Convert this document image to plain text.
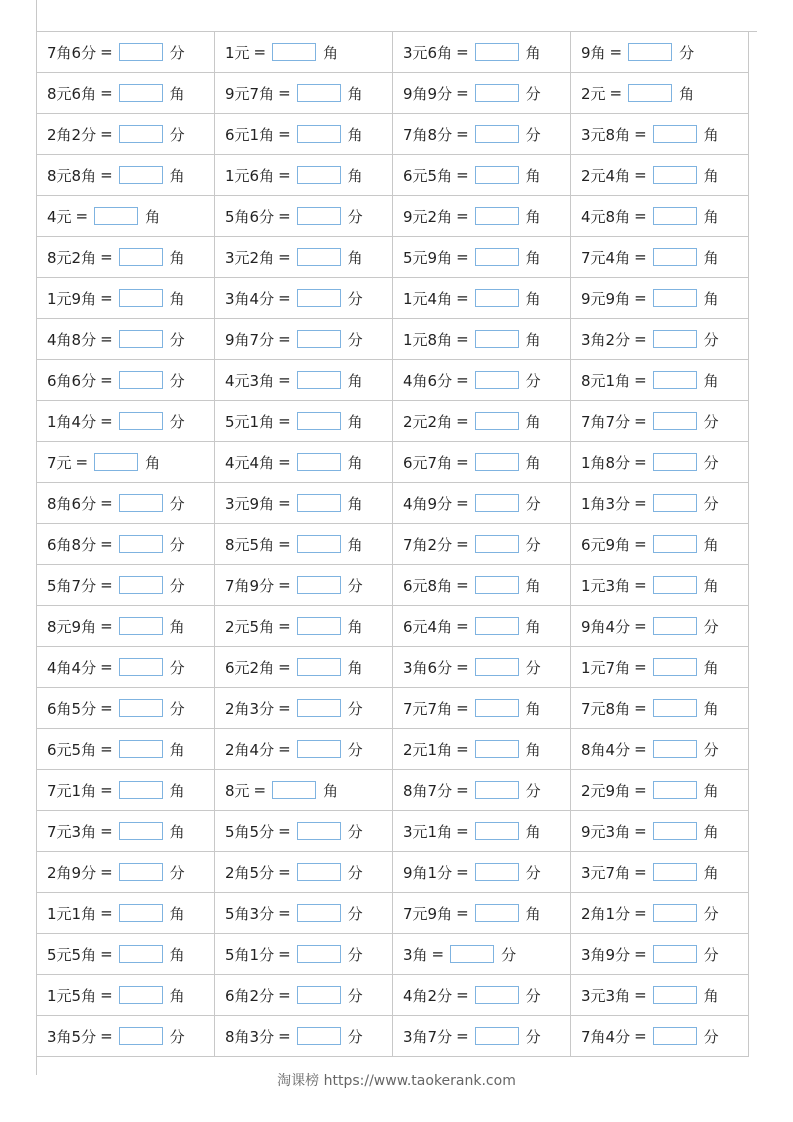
7角6分 =	分	1元 =	角	3元6角 =	角	9角 =	分
8元6角 =	角	9元7角 =	角	9角9分 =	分	2元 =	角
2角2分 =	分	6元1角 =	角	7角8分 =	分	3元8角 =	角
8元8角 =	角	1元6角 =	角	6元5角 =	角	2元4角 =	角
4元 =	角	5角6分 =	分	9元2角 =	角	4元8角 =	角
8元2角 =	角	3元2角 =	角	5元9角 =	角	7元4角 =	角
1元9角 =	角	3角4分 =	分	1元4角 =	角	9元9角 =	角
4角8分 =	分	9角7分 =	分	1元8角 =	角	3角2分 =	分
6角6分 =	分	4元3角 =	角	4角6分 =	分	8元1角 =	角
1角4分 =	分	5元1角 =	角	2元2角 =	角	7角7分 =	分
7元 =	角	4元4角 =	角	6元7角 =	角	1角8分 =	分
8角6分 =	分	3元9角 =	角	4角9分 =	分	1角3分 =	分
6角8分 =	分	8元5角 =	角	7角2分 =	分	6元9角 =	角
5角7分 =	分	7角9分 =	分	6元8角 =	角	1元3角 =	角
8元9角 =	角	2元5角 =	角	6元4角 =	角	9角4分 =	分
4角4分 =	分	6元2角 =	角	3角6分 =	分	1元7角 =	角
6角5分 =	分	2角3分 =	分	7元7角 =	角	7元8角 =	角
6元5角 =	角	2角4分 =	分	2元1角 =	角	8角4分 =	分
7元1角 =	角	8元 =	角	8角7分 =	分	2元9角 =	角
7元3角 =	角	5角5分 =	分	3元1角 =	角	9元3角 =	角
2角9分 =	分	2角5分 =	分	9角1分 =	分	3元7角 =	角
1元1角 =	角	5角3分 =	分	7元9角 =	角	2角1分 =	分
5元5角 =	角	5角1分 =	分	3角 =	分	3角9分 =	分
1元5角 =	角	6角2分 =	分	4角2分 =	分	3元3角 =	角
3角5分 =	分	8角3分 =	分	3角7分 =	分	7角4分 =	分
淘课榜 https://www.taokerank.com
